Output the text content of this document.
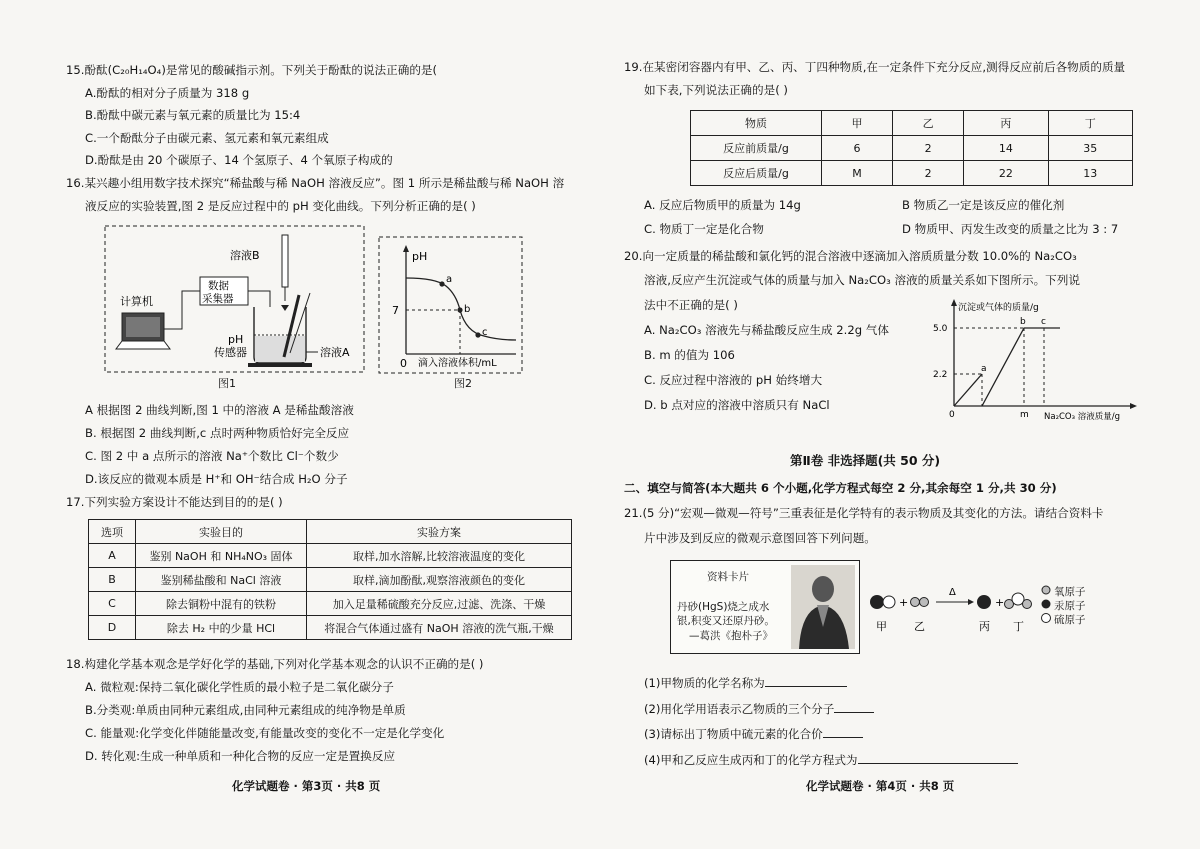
15.酚酞(C₂₀H₁₄O₄)是常见的酸碱指示剂。下列关于酚酞的说法正确的是(
A.酚酞的相对分子质量为 318 g
B.酚酞中碳元素与氧元素的质量比为 15:4
C.一个酚酞分子由碳元素、氢元素和氧元素组成
D.酚酞是由 20 个碳原子、14 个氢原子、4 个氧原子构成的
16.某兴趣小组用数字技术探究“稀盐酸与稀 NaOH 溶液反应”。图 1 所示是稀盐酸与稀 NaOH 溶
液反应的实验装置,图 2 是反应过程中的 pH 变化曲线。下列分析正确的是( )
溶液B
数据
采集器
计算机
pH
传感器	溶液A
图1
pH
7
0
a
b
c
滴入溶液体积/mL
图2
A 根据图 2 曲线判断,图 1 中的溶液 A 是稀盐酸溶液
B. 根据图 2 曲线判断,c 点时两种物质恰好完全反应
C. 图 2 中 a 点所示的溶液 Na⁺个数比 Cl⁻个数少
D.该反应的微观本质是 H⁺和 OH⁻结合成 H₂O 分子
17.下列实验方案设计不能达到目的的是( )
选项	实验目的	实验方案
A	鉴别 NaOH 和 NH₄NO₃ 固体	取样,加水溶解,比较溶液温度的变化
B	鉴别稀盐酸和 NaCl 溶液	取样,滴加酚酞,观察溶液颜色的变化
C	除去铜粉中混有的铁粉	加入足量稀硫酸充分反应,过滤、洗涤、干燥
D	除去 H₂ 中的少量 HCl	将混合气体通过盛有 NaOH 溶液的洗气瓶,干燥
18.构建化学基本观念是学好化学的基础,下列对化学基本观念的认识不正确的是( )
A. 微粒观:保持二氧化碳化学性质的最小粒子是二氧化碳分子
B.分类观:单质由同种元素组成,由同种元素组成的纯净物是单质
C. 能量观:化学变化伴随能量改变,有能量改变的变化不一定是化学变化
D. 转化观:生成一种单质和一种化合物的反应一定是置换反应
化学试题卷 · 第3页 · 共8 页
19.在某密闭容器内有甲、乙、丙、丁四种物质,在一定条件下充分反应,测得反应前后各物质的质量
如下表,下列说法正确的是( )
物质	甲	乙	丙	丁
反应前质量/g	6	2	14	35
反应后质量/g	M	2	22	13
A. 反应后物质甲的质量为 14g	B 物质乙一定是该反应的催化剂
C. 物质丁一定是化合物	D 物质甲、丙发生改变的质量之比为 3 : 7
20.向一定质量的稀盐酸和氯化钙的混合溶液中逐滴加入溶质质量分数 10.0%的 Na₂CO₃
溶液,反应产生沉淀或气体的质量与加入 Na₂CO₃ 溶液的质量关系如下图所示。下列说
法中不正确的是( )
A. Na₂CO₃ 溶液先与稀盐酸反应生成 2.2g 气体
B. m 的值为 106
C. 反应过程中溶液的 pH 始终增大
D. b 点对应的溶液中溶质只有 NaCl
沉淀或气体的质量/g
5.0
2.2
0	m
a
b c
Na₂CO₃ 溶液质量/g
第Ⅱ卷 非选择题(共 50 分)
二、填空与简答(本大题共 6 个小题,化学方程式每空 2 分,其余每空 1 分,共 30 分)
21.(5 分)“宏观—微观—符号”三重表征是化学特有的表示物质及其变化的方法。请结合资料卡
片中涉及到反应的微观示意图回答下列问题。
资料卡片
丹砂(HgS)烧之成水
银,积变又还原丹砂。
—葛洪《抱朴子》
+	+
Δ
甲 乙	丙 丁
氧原子
汞原子
硫原子
(1)甲物质的化学名称为
(2)用化学用语表示乙物质的三个分子
(3)请标出丁物质中硫元素的化合价
(4)甲和乙反应生成丙和丁的化学方程式为
化学试题卷 · 第4页 · 共8 页
